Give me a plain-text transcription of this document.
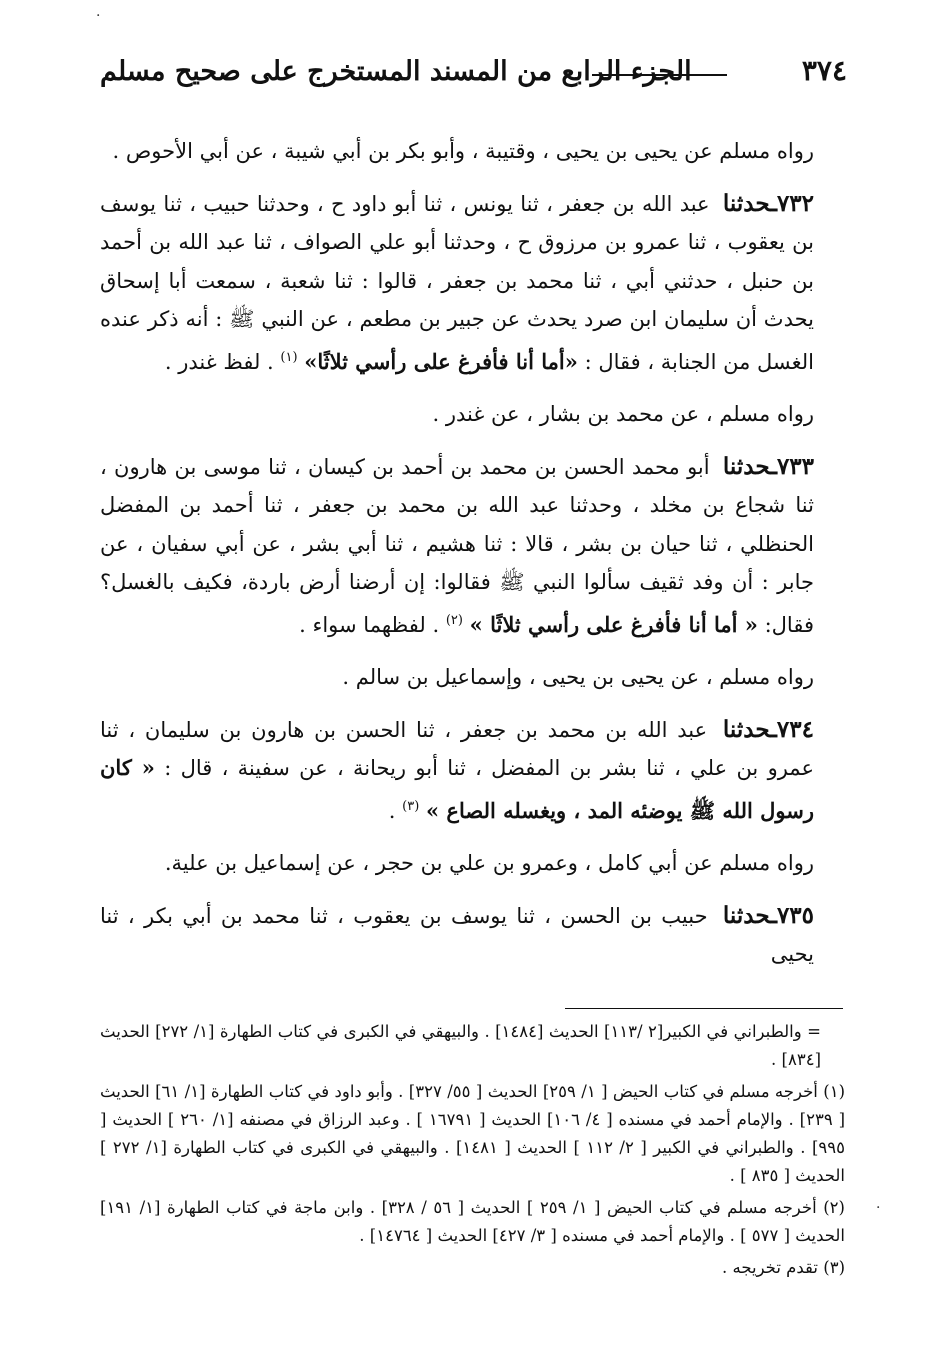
٣٧٤
الجزء الرابع من المسند المستخرج على صحيح مسلم

رواه مسلم عن يحيى بن يحيى ، وقتيبة ، وأبو بكر بن أبي شيبة ، عن أبي الأحوص .

٧٣٢ـحدثنا عبد الله بن جعفر ، ثنا يونس ، ثنا أبو داود ح ، وحدثنا حبيب ، ثنا يوسف بن يعقوب ، ثنا عمرو بن مرزوق ح ، وحدثنا أبو علي الصواف ، ثنا عبد الله بن أحمد بن حنبل ، حدثني أبي ، ثنا محمد بن جعفر ، قالوا : ثنا شعبة ، سمعت أبا إسحاق يحدث أن سليمان ابن صرد يحدث عن جبير بن مطعم ، عن النبي ﷺ : أنه ذكر عنده الغسل من الجنابة ، فقال : «أما أنا فأفرغ على رأسي ثلاثًا» $^{(١)}$ . لفظ غندر .

رواه مسلم ، عن محمد بن بشار ، عن غندر .

٧٣٣ـحدثنا أبو محمد الحسن بن محمد بن أحمد بن كيسان ، ثنا موسى بن هارون ، ثنا شجاع بن مخلد ، وحدثنا عبد الله بن محمد بن جعفر ، ثنا أحمد بن المفضل الحنظلي ، ثنا حيان بن بشر ، قالا : ثنا هشيم ، ثنا أبي بشر ، عن أبي سفيان ، عن جابر : أن وفد ثقيف سألوا النبي ﷺ فقالوا: إن أرضنا أرض باردة، فكيف بالغسل؟ فقال: « أما أنا فأفرغ على رأسي ثلاثًا » $^{(٢)}$ . لفظهما سواء .

رواه مسلم ، عن يحيى بن يحيى ، وإسماعيل بن سالم .

٧٣٤ـحدثنا عبد الله بن محمد بن جعفر ، ثنا الحسن بن هارون بن سليمان ، ثنا عمرو بن علي ، ثنا بشر بن المفضل ، ثنا أبو ريحانة ، عن سفينة ، قال : « كان رسول الله ﷺ يوضئه المد ، ويغسله الصاع » $^{(٣)}$ .

رواه مسلم عن أبي كامل ، وعمرو بن علي بن حجر ، عن إسماعيل بن علية.

٧٣٥ـحدثنا حبيب بن الحسن ، ثنا يوسف بن يعقوب ، ثنا محمد بن أبي بكر ، ثنا يحيى

= والطبراني في الكبير[٢ /١١٣] الحديث [١٤٨٤] . والبيهقي في الكبرى في كتاب الطهارة [١/ ٢٧٢] الحديث [٨٣٤] .

(١) أخرجه مسلم في كتاب الحيض [ ١/ ٢٥٩] الحديث [ ٥٥/ ٣٢٧] . وأبو داود في كتاب الطهارة [١/ ٦١] الحديث [ ٢٣٩] . والإمام أحمد في مسنده [ ٤/ ١٠٦] الحديث [ ١٦٧٩١ ] . وعبد الرزاق في مصنفه [١/ ٢٦٠ ] الحديث [ ٩٩٥] . والطبراني في الكبير [ ٢/ ١١٢ ] الحديث [ ١٤٨١] . والبيهقي في الكبرى في كتاب الطهارة [١/ ٢٧٢ ] الحديث [ ٨٣٥ ] .

(٢) أخرجه مسلم في كتاب الحيض [ ١/ ٢٥٩ ] الحديث [ ٥٦ / ٣٢٨] . وابن ماجة في كتاب الطهارة [١/ ١٩١] الحديث [ ٥٧٧ ] . والإمام أحمد في مسنده [ ٣/ ٤٢٧] الحديث [ ١٤٧٦٤] .

(٣) تقدم تخريجه .

·
·
